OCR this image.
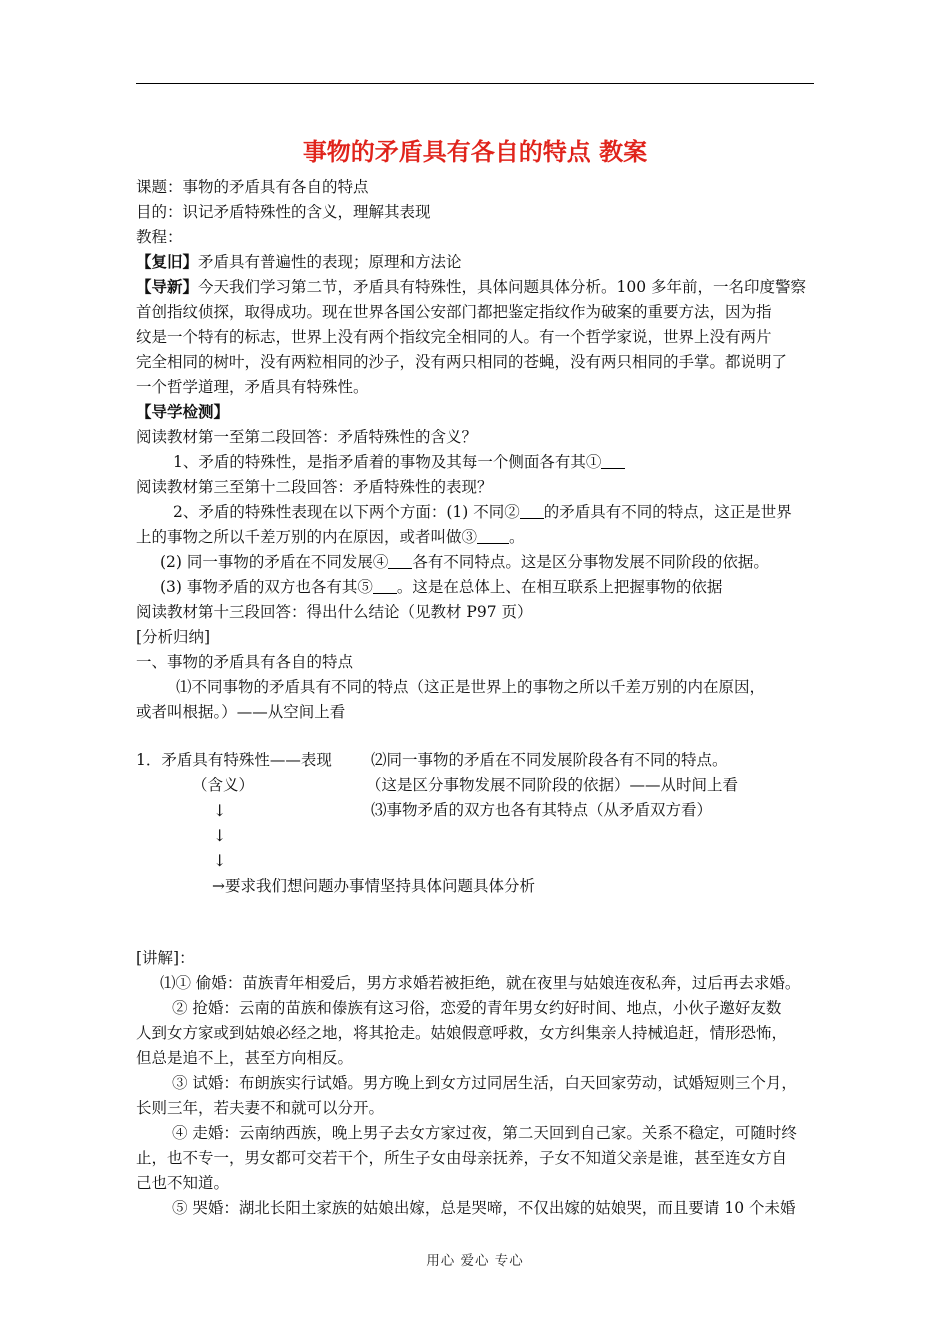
事物的矛盾具有各自的特点 教案
课题：事物的矛盾具有各自的特点
目的：识记矛盾特殊性的含义，理解其表现
教程：
【复旧】矛盾具有普遍性的表现；原理和方法论
【导新】今天我们学习第二节，矛盾具有特殊性，具体问题具体分析。100 多年前，一名印度警察
首创指纹侦探，取得成功。现在世界各国公安部门都把鉴定指纹作为破案的重要方法，因为指
纹是一个特有的标志，世界上没有两个指纹完全相同的人。有一个哲学家说，世界上没有两片
完全相同的树叶，没有两粒相同的沙子，没有两只相同的苍蝇，没有两只相同的手掌。都说明了
一个哲学道理，矛盾具有特殊性。
【导学检测】
阅读教材第一至第二段回答：矛盾特殊性的含义？
1、矛盾的特殊性，是指矛盾着的事物及其每一个侧面各有其①
阅读教材第三至第十二段回答：矛盾特殊性的表现？
2、矛盾的特殊性表现在以下两个方面：(1) 不同② 的矛盾具有不同的特点，这正是世界
上的事物之所以千差万别的内在原因，或者叫做③ 。
(2) 同一事物的矛盾在不同发展④ 各有不同特点。这是区分事物发展不同阶段的依据。
(3) 事物矛盾的双方也各有其⑤ 。这是在总体上、在相互联系上把握事物的依据
阅读教材第十三段回答：得出什么结论（见教材 P97 页）
[分析归纳]
一、事物的矛盾具有各自的特点
⑴不同事物的矛盾具有不同的特点（这正是世界上的事物之所以千差万别的内在原因，
或者叫根据。）——从空间上看
1．矛盾具有特殊性——表现	⑵同一事物的矛盾在不同发展阶段各有不同的特点。
（含义）	（这是区分事物发展不同阶段的依据）——从时间上看
⑶事物矛盾的双方也各有其特点（从矛盾双方看）
↓
↓
↓
→要求我们想问题办事情坚持具体问题具体分析
[讲解]：
⑴① 偷婚：苗族青年相爱后，男方求婚若被拒绝，就在夜里与姑娘连夜私奔，过后再去求婚。
② 抢婚：云南的苗族和傣族有这习俗，恋爱的青年男女约好时间、地点，小伙子邀好友数
人到女方家或到姑娘必经之地，将其抢走。姑娘假意呼救，女方纠集亲人持械追赶，情形恐怖，
但总是追不上，甚至方向相反。
③ 试婚：布朗族实行试婚。男方晚上到女方过同居生活，白天回家劳动，试婚短则三个月，
长则三年，若夫妻不和就可以分开。
④ 走婚：云南纳西族，晚上男子去女方家过夜，第二天回到自己家。关系不稳定，可随时终
止，也不专一，男女都可交若干个，所生子女由母亲抚养，子女不知道父亲是谁，甚至连女方自
己也不知道。
⑤ 哭婚：湖北长阳土家族的姑娘出嫁，总是哭啼，不仅出嫁的姑娘哭，而且要请 10 个未婚
用心 爱心 专心
